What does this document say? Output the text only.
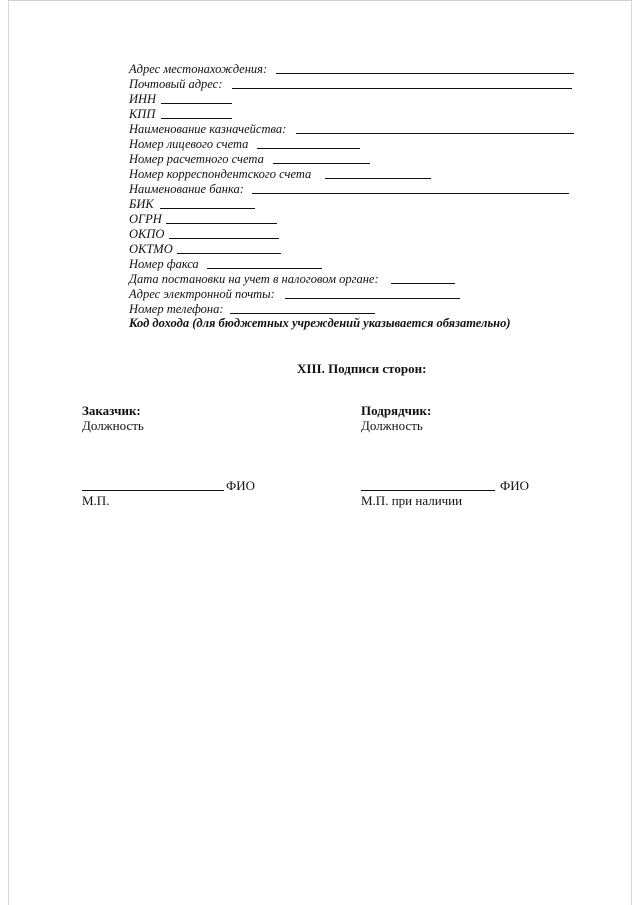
Адрес местонахождения:
Почтовый адрес:
ИНН
КПП
Наименование казначейства:
Номер лицевого счета
Номер расчетного счета
Номер корреспондентского счета
Наименование банка:
БИК
ОГРН
ОКПО
ОКТМО
Номер факса
Дата постановки на учет в налоговом органе:
Адрес электронной почты:
Номер телефона:
Код дохода (для бюджетных учреждений указывается обязательно)
XIII. Подписи сторон:
Заказчик:
Должность
ФИО
М.П.
Подрядчик:
Должность
ФИО
М.П. при наличии
